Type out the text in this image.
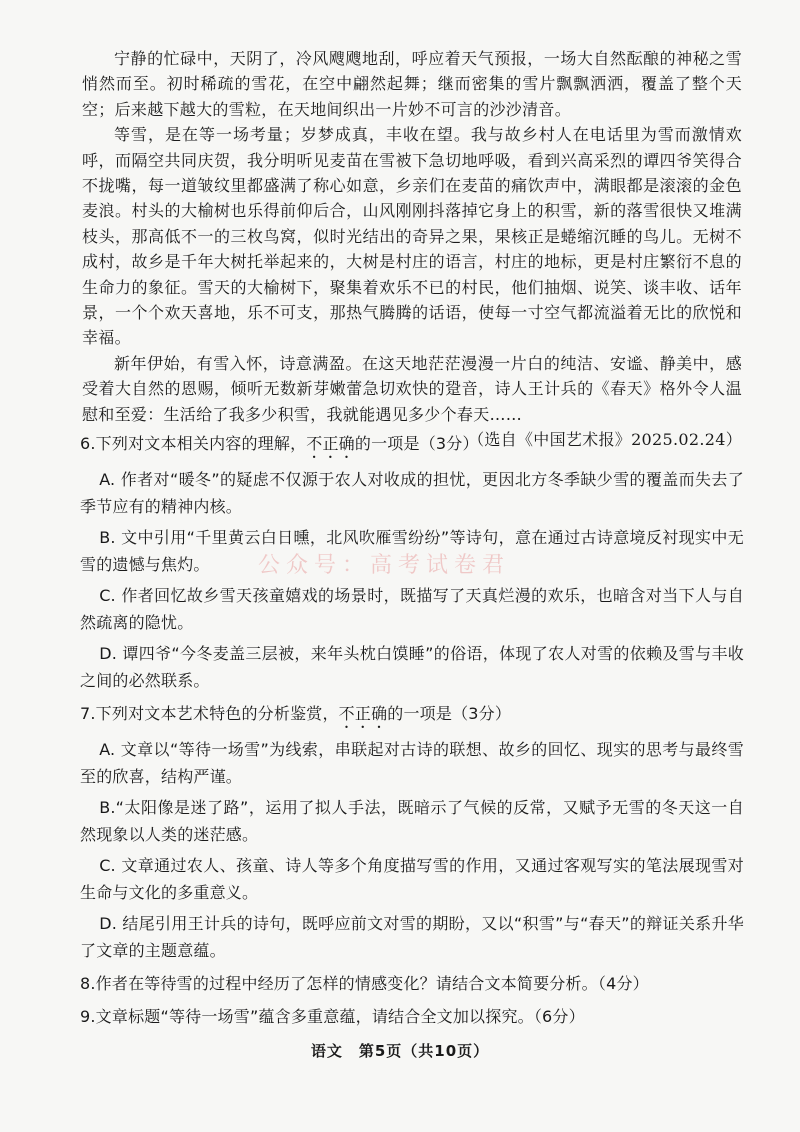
宁静的忙碌中，天阴了，冷风飕飕地刮，呼应着天气预报，一场大自然酝酿的神秘之雪悄然而至。初时稀疏的雪花，在空中翩然起舞；继而密集的雪片飘飘洒洒，覆盖了整个天空；后来越下越大的雪粒，在天地间织出一片妙不可言的沙沙清音。

等雪，是在等一场考量；岁梦成真，丰收在望。我与故乡村人在电话里为雪而激情欢呼，而隔空共同庆贺，我分明听见麦苗在雪被下急切地呼吸，看到兴高采烈的谭四爷笑得合不拢嘴，每一道皱纹里都盛满了称心如意，乡亲们在麦苗的痛饮声中，满眼都是滚滚的金色麦浪。村头的大榆树也乐得前仰后合，山风刚刚抖落掉它身上的积雪，新的落雪很快又堆满枝头，那高低不一的三枚鸟窝，似时光结出的奇异之果，果核正是蜷缩沉睡的鸟儿。无树不成村，故乡是千年大树托举起来的，大树是村庄的语言，村庄的地标，更是村庄繁衍不息的生命力的象征。雪天的大榆树下，聚集着欢乐不已的村民，他们抽烟、说笑、谈丰收、话年景，一个个欢天喜地，乐不可支，那热气腾腾的话语，使每一寸空气都流溢着无比的欣悦和幸福。

新年伊始，有雪入怀，诗意满盈。在这天地茫茫漫漫一片白的纯洁、安谧、静美中，感受着大自然的恩赐，倾听无数新芽嫩蕾急切欢快的跫音，诗人王计兵的《春天》格外令人温慰和至爱：生活给了我多少积雪，我就能遇见多少个春天……

（选自《中国艺术报》2025.02.24）
6.下列对文本相关内容的理解，不正确的一项是（3分）
A. 作者对“暖冬”的疑虑不仅源于农人对收成的担忧，更因北方冬季缺少雪的覆盖而失去了季节应有的精神内核。
B. 文中引用“千里黄云白日曛，北风吹雁雪纷纷”等诗句，意在通过古诗意境反衬现实中无雪的遗憾与焦灼。
C. 作者回忆故乡雪天孩童嬉戏的场景时，既描写了天真烂漫的欢乐，也暗含对当下人与自然疏离的隐忧。
D. 谭四爷“今冬麦盖三层被，来年头枕白馍睡”的俗语，体现了农人对雪的依赖及雪与丰收之间的必然联系。
7.下列对文本艺术特色的分析鉴赏，不正确的一项是（3分）
A. 文章以“等待一场雪”为线索，串联起对古诗的联想、故乡的回忆、现实的思考与最终雪至的欣喜，结构严谨。
B.“太阳像是迷了路”，运用了拟人手法，既暗示了气候的反常，又赋予无雪的冬天这一自然现象以人类的迷茫感。
C. 文章通过农人、孩童、诗人等多个角度描写雪的作用，又通过客观写实的笔法展现雪对生命与文化的多重意义。
D. 结尾引用王计兵的诗句，既呼应前文对雪的期盼，又以“积雪”与“春天”的辩证关系升华了文章的主题意蕴。
8.作者在等待雪的过程中经历了怎样的情感变化？请结合文本简要分析。（4分）
9.文章标题“等待一场雪”蕴含多重意蕴，请结合全文加以探究。（6分）
公众号：高考试卷君
语文　第5页（共10页）
